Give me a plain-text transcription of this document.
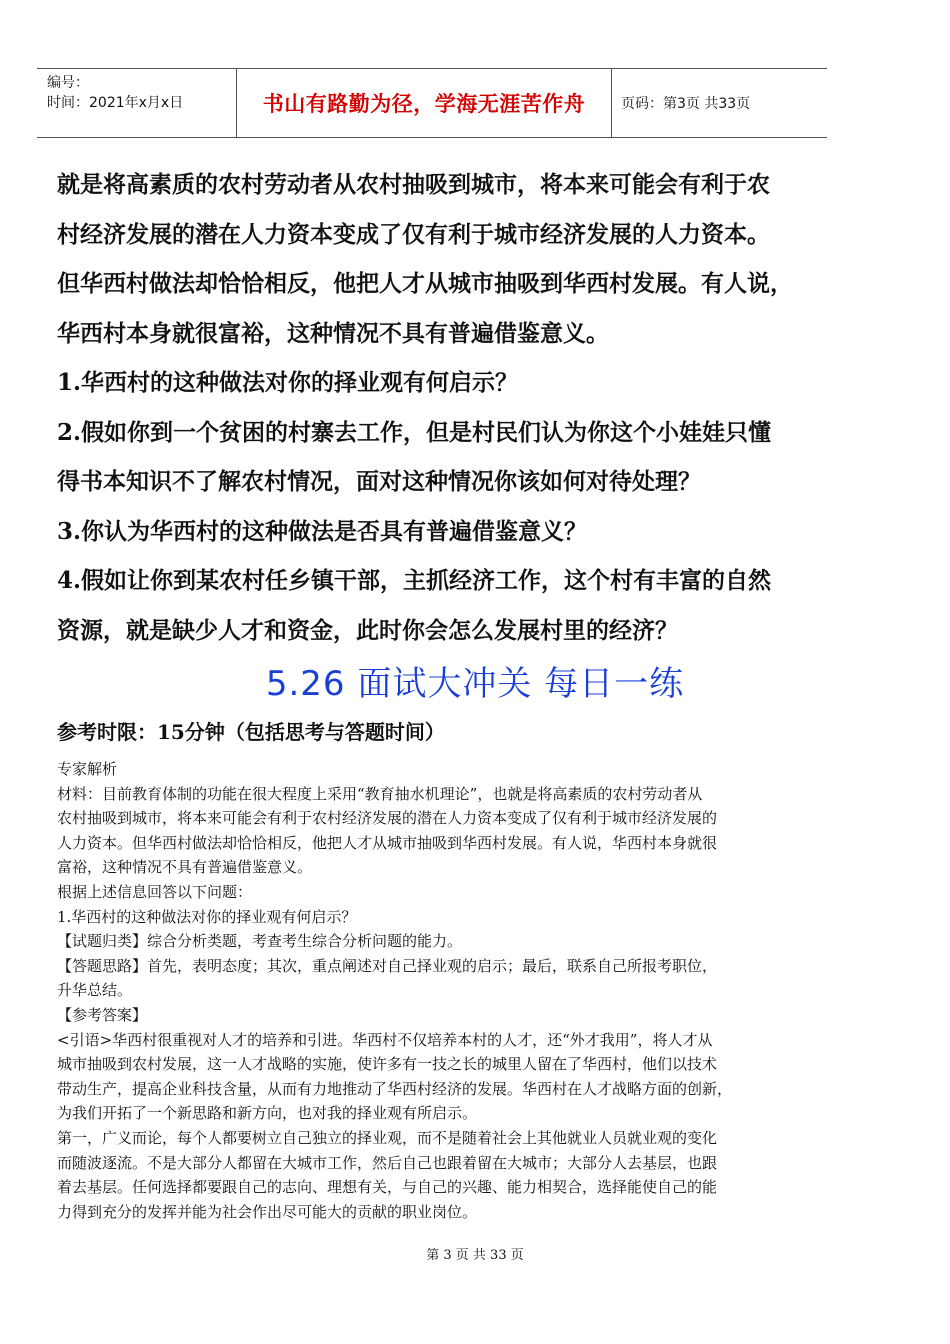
编号：
时间：2021年x月x日	书山有路勤为径，学海无涯苦作舟	页码：第3页 共33页
就是将高素质的农村劳动者从农村抽吸到城市，将本来可能会有利于农
村经济发展的潜在人力资本变成了仅有利于城市经济发展的人力资本。
但华西村做法却恰恰相反，他把人才从城市抽吸到华西村发展。有人说，
华西村本身就很富裕，这种情况不具有普遍借鉴意义。
1.华西村的这种做法对你的择业观有何启示？
2.假如你到一个贫困的村寨去工作，但是村民们认为你这个小娃娃只懂
得书本知识不了解农村情况，面对这种情况你该如何对待处理？
3.你认为华西村的这种做法是否具有普遍借鉴意义？
4.假如让你到某农村任乡镇干部，主抓经济工作，这个村有丰富的自然
资源，就是缺少人才和资金，此时你会怎么发展村里的经济？
5.26 面试大冲关 每日一练
参考时限：15分钟（包括思考与答题时间）
专家解析
材料：目前教育体制的功能在很大程度上采用“教育抽水机理论”，也就是将高素质的农村劳动者从
农村抽吸到城市，将本来可能会有利于农村经济发展的潜在人力资本变成了仅有利于城市经济发展的
人力资本。但华西村做法却恰恰相反，他把人才从城市抽吸到华西村发展。有人说，华西村本身就很
富裕，这种情况不具有普遍借鉴意义。
根据上述信息回答以下问题：
1.华西村的这种做法对你的择业观有何启示？
【试题归类】综合分析类题，考查考生综合分析问题的能力。
【答题思路】首先，表明态度；其次，重点阐述对自己择业观的启示；最后，联系自己所报考职位，
升华总结。
【参考答案】
<引语>华西村很重视对人才的培养和引进。华西村不仅培养本村的人才，还“外才我用”，将人才从
城市抽吸到农村发展，这一人才战略的实施，使许多有一技之长的城里人留在了华西村，他们以技术
带动生产，提高企业科技含量，从而有力地推动了华西村经济的发展。华西村在人才战略方面的创新，
为我们开拓了一个新思路和新方向，也对我的择业观有所启示。
第一，广义而论，每个人都要树立自己独立的择业观，而不是随着社会上其他就业人员就业观的变化
而随波逐流。不是大部分人都留在大城市工作，然后自己也跟着留在大城市；大部分人去基层，也跟
着去基层。任何选择都要跟自己的志向、理想有关，与自己的兴趣、能力相契合，选择能使自己的能
力得到充分的发挥并能为社会作出尽可能大的贡献的职业岗位。
第 3 页 共 33 页
